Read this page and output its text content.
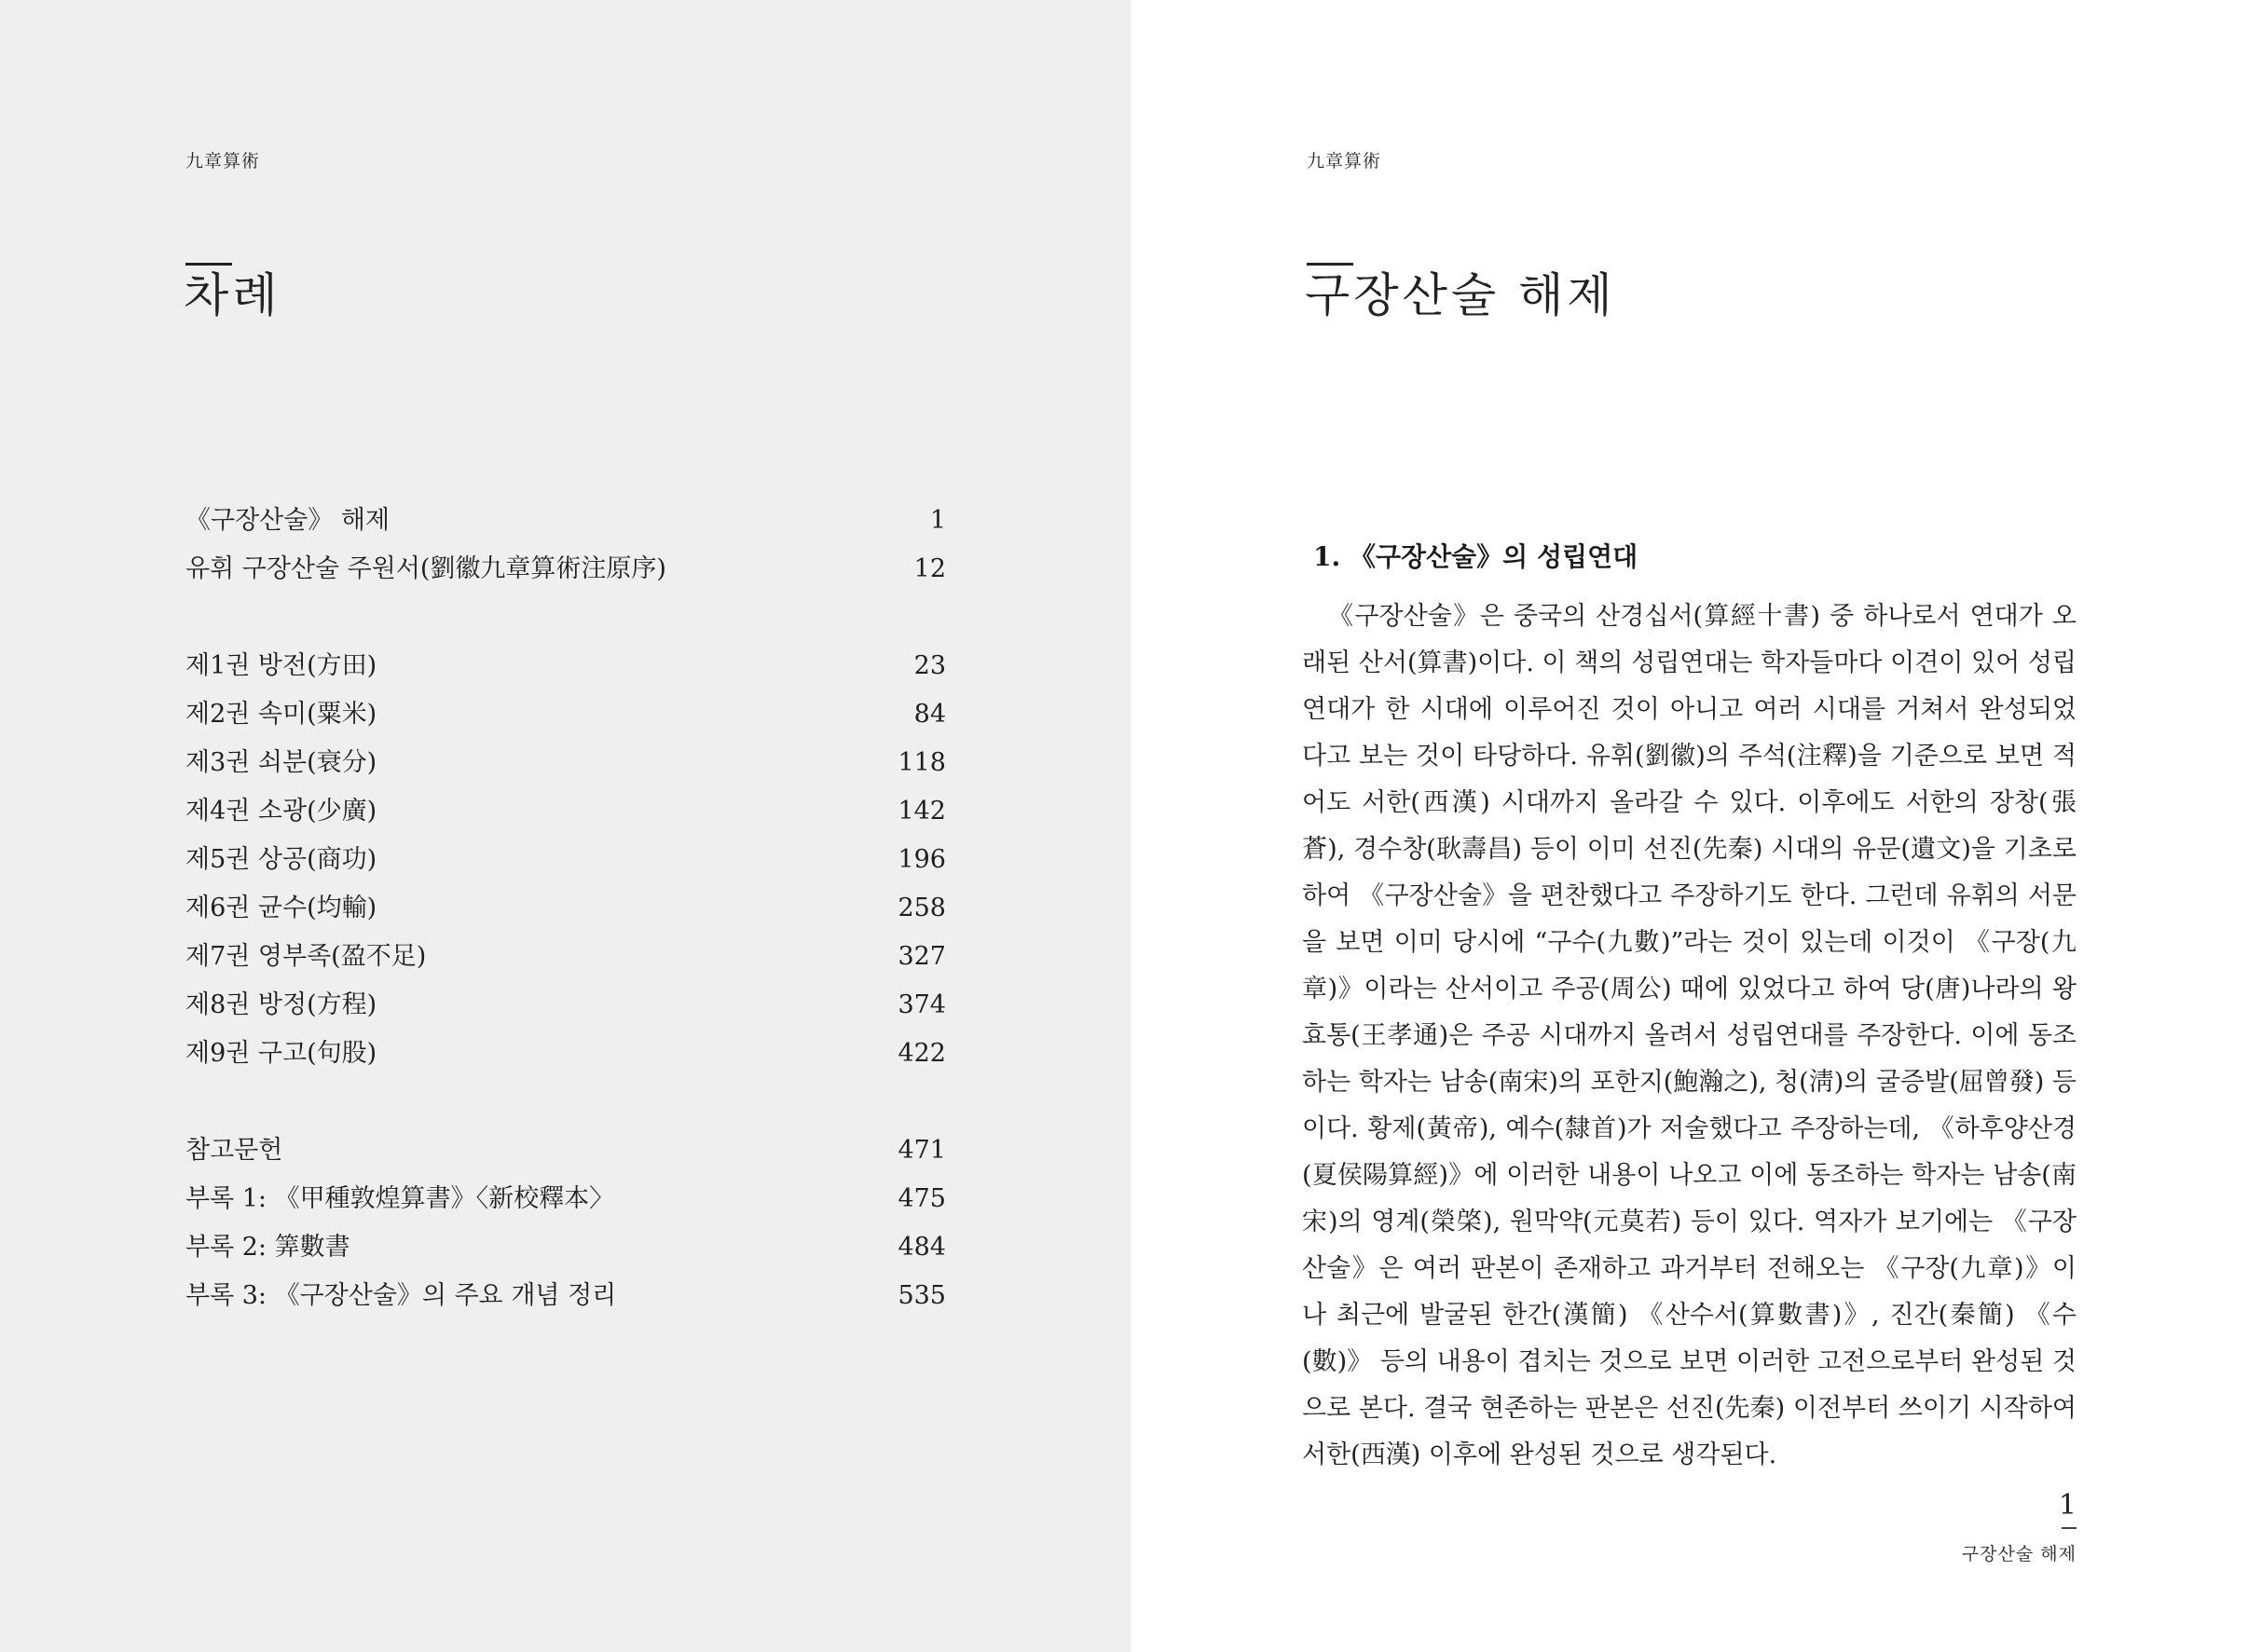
九章算術
차례
《구장산술》 해제	1
유휘 구장산술 주원서(劉徽九章算術注原序)	12
제1권 방전(方田)	23
제2권 속미(粟米)	84
제3권 쇠분(衰分)	118
제4권 소광(少廣)	142
제5권 상공(商功)	196
제6권 균수(均輸)	258
제7권 영부족(盈不足)	327
제8권 방정(方程)	374
제9권 구고(句股)	422
참고문헌	471
부록 1: 《甲種敦煌算書》〈新校釋本〉	475
부록 2: 筭數書	484
부록 3: 《구장산술》의 주요 개념 정리	535
九章算術
구장산술 해제
1. 《구장산술》의 성립연대

《구장산술》은 중국의 산경십서(算經十書) 중 하나로서 연대가 오래된 산서(算書)이다. 이 책의 성립연대는 학자들마다 이견이 있어 성립연대가 한 시대에 이루어진 것이 아니고 여러 시대를 거쳐서 완성되었다고 보는 것이 타당하다. 유휘(劉徽)의 주석(注釋)을 기준으로 보면 적어도 서한(西漢) 시대까지 올라갈 수 있다. 이후에도 서한의 장창(張蒼), 경수창(耿壽昌) 등이 이미 선진(先秦) 시대의 유문(遺文)을 기초로 하여 《구장산술》을 편찬했다고 주장하기도 한다. 그런데 유휘의 서문을 보면 이미 당시에 “구수(九數)”라는 것이 있는데 이것이 《구장(九章)》이라는 산서이고 주공(周公) 때에 있었다고 하여 당(唐)나라의 왕효통(王孝通)은 주공 시대까지 올려서 성립연대를 주장한다. 이에 동조하는 학자는 남송(南宋)의 포한지(鮑瀚之), 청(淸)의 굴증발(屈曾發) 등이다. 황제(黃帝), 예수(隸首)가 저술했다고 주장하는데, 《하후양산경(夏侯陽算經)》에 이러한 내용이 나오고 이에 동조하는 학자는 남송(南宋)의 영계(榮棨), 원막약(元莫若) 등이 있다. 역자가 보기에는 《구장산술》은 여러 판본이 존재하고 과거부터 전해오는 《구장(九章)》이나 최근에 발굴된 한간(漢簡) 《산수서(算數書)》, 진간(秦簡) 《수(數)》 등의 내용이 겹치는 것으로 보면 이러한 고전으로부터 완성된 것으로 본다. 결국 현존하는 판본은 선진(先秦) 이전부터 쓰이기 시작하여 서한(西漢) 이후에 완성된 것으로 생각된다.

1
구장산술 해제
